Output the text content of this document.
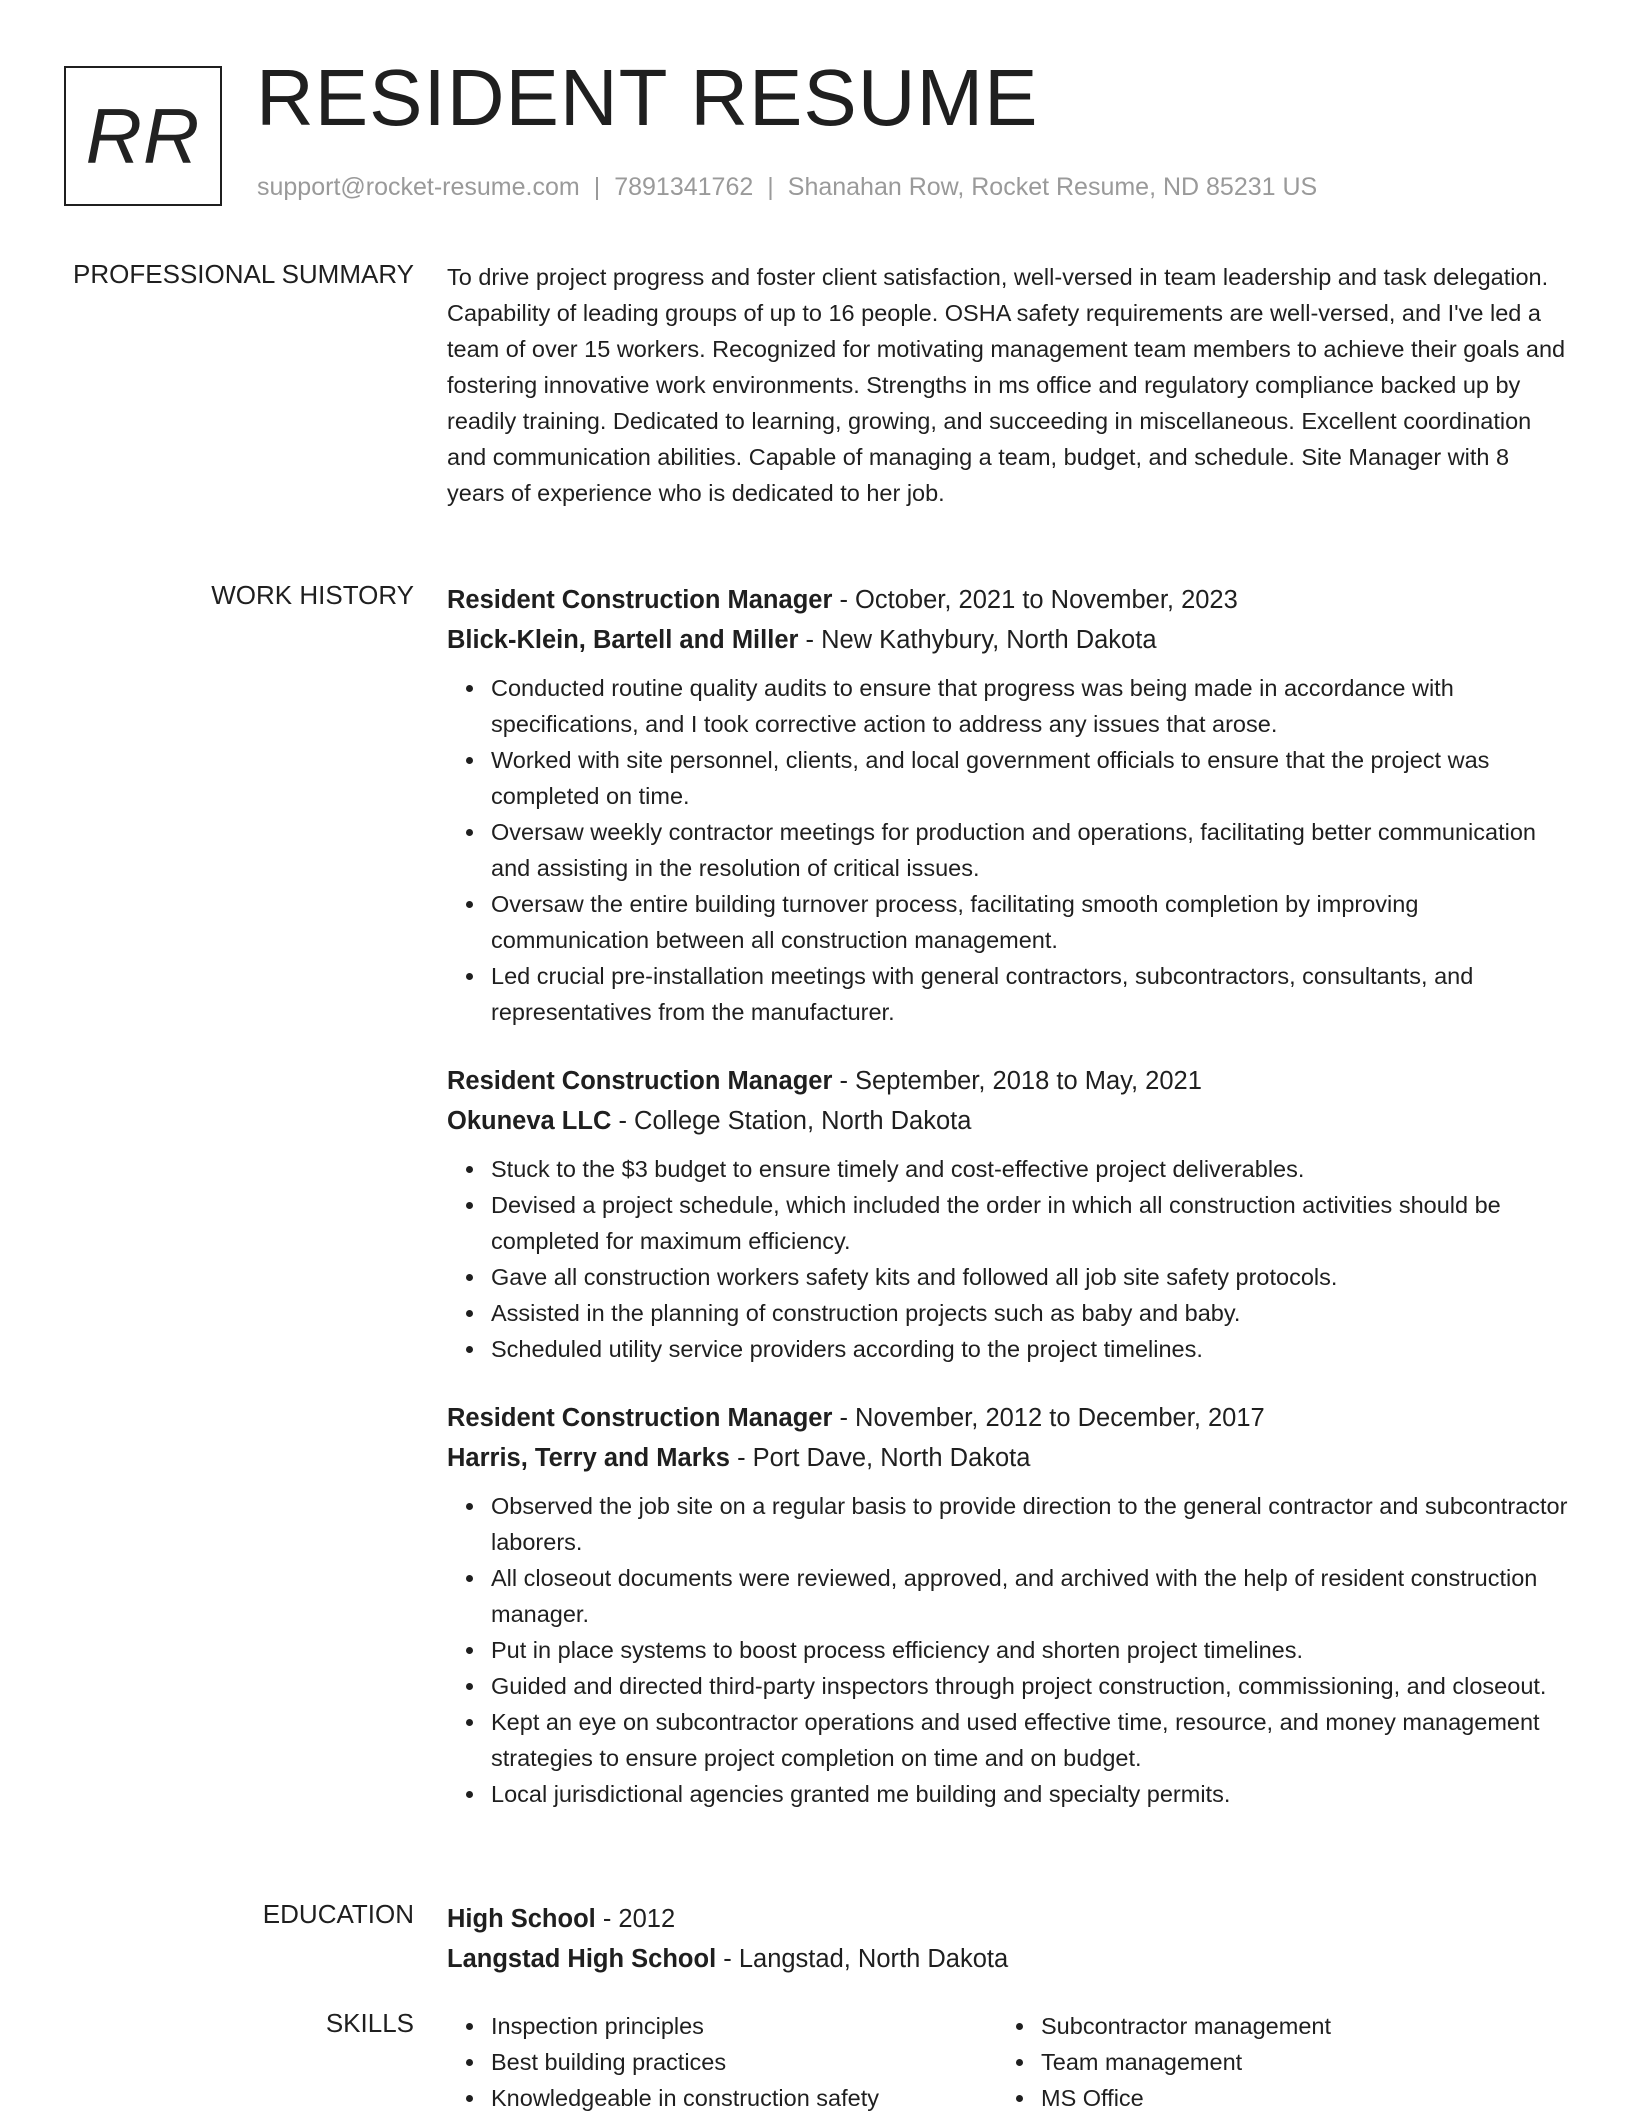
RR RESIDENT RESUME
support@rocket-resume.com | 7891341762 | Shanahan Row, Rocket Resume, ND 85231 US
PROFESSIONAL SUMMARY To drive project progress and foster client satisfaction, well-versed in team leadership and task delegation. Capability of leading groups of up to 16 people. OSHA safety requirements are well-versed, and I've led a team of over 15 workers. Recognized for motivating management team members to achieve their goals and fostering innovative work environments. Strengths in ms office and regulatory compliance backed up by readily training. Dedicated to learning, growing, and succeeding in miscellaneous. Excellent coordination and communication abilities. Capable of managing a team, budget, and schedule. Site Manager with 8 years of experience who is dedicated to her job.

WORK HISTORY Resident Construction Manager - October, 2021 to November, 2023
Blick-Klein, Bartell and Miller - New Kathybury, North Dakota
Conducted routine quality audits to ensure that progress was being made in accordance with specifications, and I took corrective action to address any issues that arose.
Worked with site personnel, clients, and local government officials to ensure that the project was completed on time.
Oversaw weekly contractor meetings for production and operations, facilitating better communication and assisting in the resolution of critical issues.
Oversaw the entire building turnover process, facilitating smooth completion by improving communication between all construction management.
Led crucial pre-installation meetings with general contractors, subcontractors, consultants, and representatives from the manufacturer.
Resident Construction Manager - September, 2018 to May, 2021
Okuneva LLC - College Station, North Dakota
Stuck to the $3 budget to ensure timely and cost-effective project deliverables.
Devised a project schedule, which included the order in which all construction activities should be completed for maximum efficiency.
Gave all construction workers safety kits and followed all job site safety protocols.
Assisted in the planning of construction projects such as baby and baby.
Scheduled utility service providers according to the project timelines.
Resident Construction Manager - November, 2012 to December, 2017
Harris, Terry and Marks - Port Dave, North Dakota
Observed the job site on a regular basis to provide direction to the general contractor and subcontractor laborers.
All closeout documents were reviewed, approved, and archived with the help of resident construction manager.
Put in place systems to boost process efficiency and shorten project timelines.
Guided and directed third-party inspectors through project construction, commissioning, and closeout.
Kept an eye on subcontractor operations and used effective time, resource, and money management strategies to ensure project completion on time and on budget.
Local jurisdictional agencies granted me building and specialty permits.
EDUCATION High School - 2012
Langstad High School - Langstad, North Dakota
SKILLS	Inspection principles
Best building practices
Knowledgeable in construction safety
Subcontractor management
Team management
MS Office
